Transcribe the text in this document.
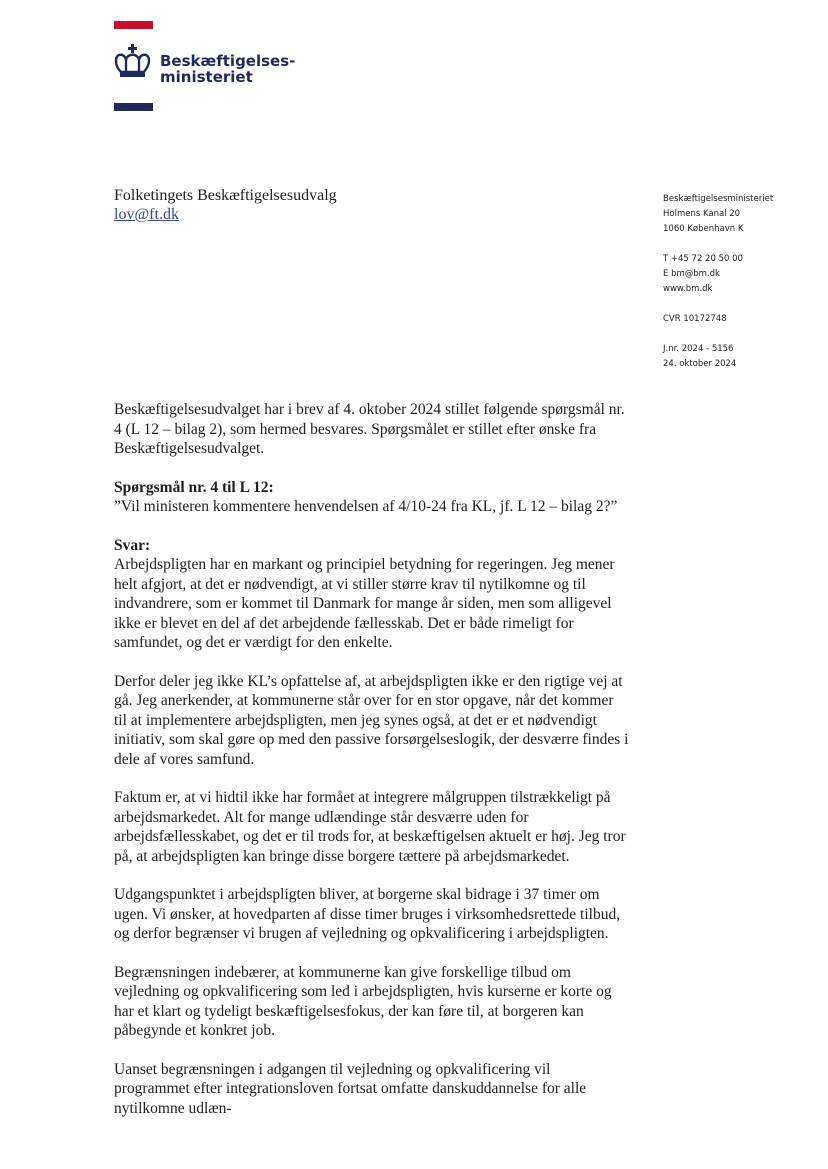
Beskæftigelses-
ministeriet
Folketingets Beskæftigelsesudvalg
lov@ft.dk
Beskæftigelsesministeriet
Holmens Kanal 20
1060 København K
T +45 72 20 50 00
E bm@bm.dk
www.bm.dk
CVR 10172748
J.nr. 2024 - 5156
24. oktober 2024

Beskæftigelsesudvalget har i brev af 4. oktober 2024 stillet følgende spørgsmål nr. 4 (L 12 – bilag 2), som hermed besvares. Spørgsmålet er stillet efter ønske fra Beskæftigelsesudvalget.

Spørgsmål nr. 4 til L 12:
”Vil ministeren kommentere henvendelsen af 4/10-24 fra KL, jf. L 12 – bilag 2?”

Svar:

Arbejdspligten har en markant og principiel betydning for regeringen. Jeg mener helt afgjort, at det er nødvendigt, at vi stiller større krav til nytilkomne og til indvandrere, som er kommet til Danmark for mange år siden, men som alligevel ikke er blevet en del af det arbejdende fællesskab. Det er både rimeligt for samfundet, og det er værdigt for den enkelte.

Derfor deler jeg ikke KL’s opfattelse af, at arbejdspligten ikke er den rigtige vej at gå. Jeg anerkender, at kommunerne står over for en stor opgave, når det kommer til at implementere arbejdspligten, men jeg synes også, at det er et nødvendigt initiativ, som skal gøre op med den passive forsørgelseslogik, der desværre findes i dele af vores samfund.

Faktum er, at vi hidtil ikke har formået at integrere målgruppen tilstrækkeligt på arbejdsmarkedet. Alt for mange udlændinge står desværre uden for arbejdsfællesskabet, og det er til trods for, at beskæftigelsen aktuelt er høj. Jeg tror på, at arbejdspligten kan bringe disse borgere tættere på arbejdsmarkedet.

Udgangspunktet i arbejdspligten bliver, at borgerne skal bidrage i 37 timer om ugen. Vi ønsker, at hovedparten af disse timer bruges i virksomhedsrettede tilbud, og derfor begrænser vi brugen af vejledning og opkvalificering i arbejdspligten.

Begrænsningen indebærer, at kommunerne kan give forskellige tilbud om vejledning og opkvalificering som led i arbejdspligten, hvis kurserne er korte og har et klart og tydeligt beskæftigelsesfokus, der kan føre til, at borgeren kan påbegynde et konkret job.

Uanset begrænsningen i adgangen til vejledning og opkvalificering vil programmet efter integrationsloven fortsat omfatte danskuddannelse for alle nytilkomne udlæn-
